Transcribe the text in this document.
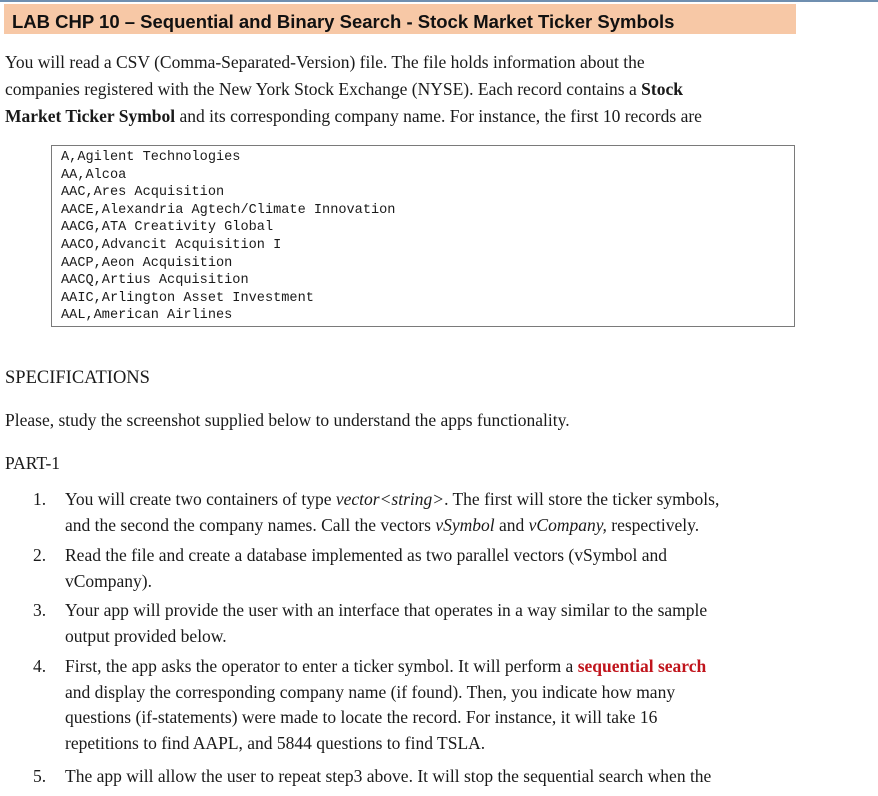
LAB CHP 10 – Sequential and Binary Search - Stock Market Ticker Symbols
You will read a CSV (Comma-Separated-Version) file. The file holds information about the
companies registered with the New York Stock Exchange (NYSE). Each record contains a Stock
Market Ticker Symbol and its corresponding company name. For instance, the first 10 records are
A,Agilent Technologies
AA,Alcoa
AAC,Ares Acquisition
AACE,Alexandria Agtech/Climate Innovation
AACG,ATA Creativity Global
AACO,Advancit Acquisition I
AACP,Aeon Acquisition
AACQ,Artius Acquisition
AAIC,Arlington Asset Investment
AAL,American Airlines
SPECIFICATIONS
Please, study the screenshot supplied below to understand the apps functionality.
PART-1
1.	You will create two containers of type vector<string>. The first will store the ticker symbols,
and the second the company names. Call the vectors vSymbol and vCompany, respectively.
2.	Read the file and create a database implemented as two parallel vectors (vSymbol and
vCompany).
3.	Your app will provide the user with an interface that operates in a way similar to the sample
output provided below.
4.	First, the app asks the operator to enter a ticker symbol. It will perform a sequential search
and display the corresponding company name (if found). Then, you indicate how many
questions (if-statements) were made to locate the record. For instance, it will take 16
repetitions to find AAPL, and 5844 questions to find TSLA.
5.	The app will allow the user to repeat step3 above. It will stop the sequential search when the
